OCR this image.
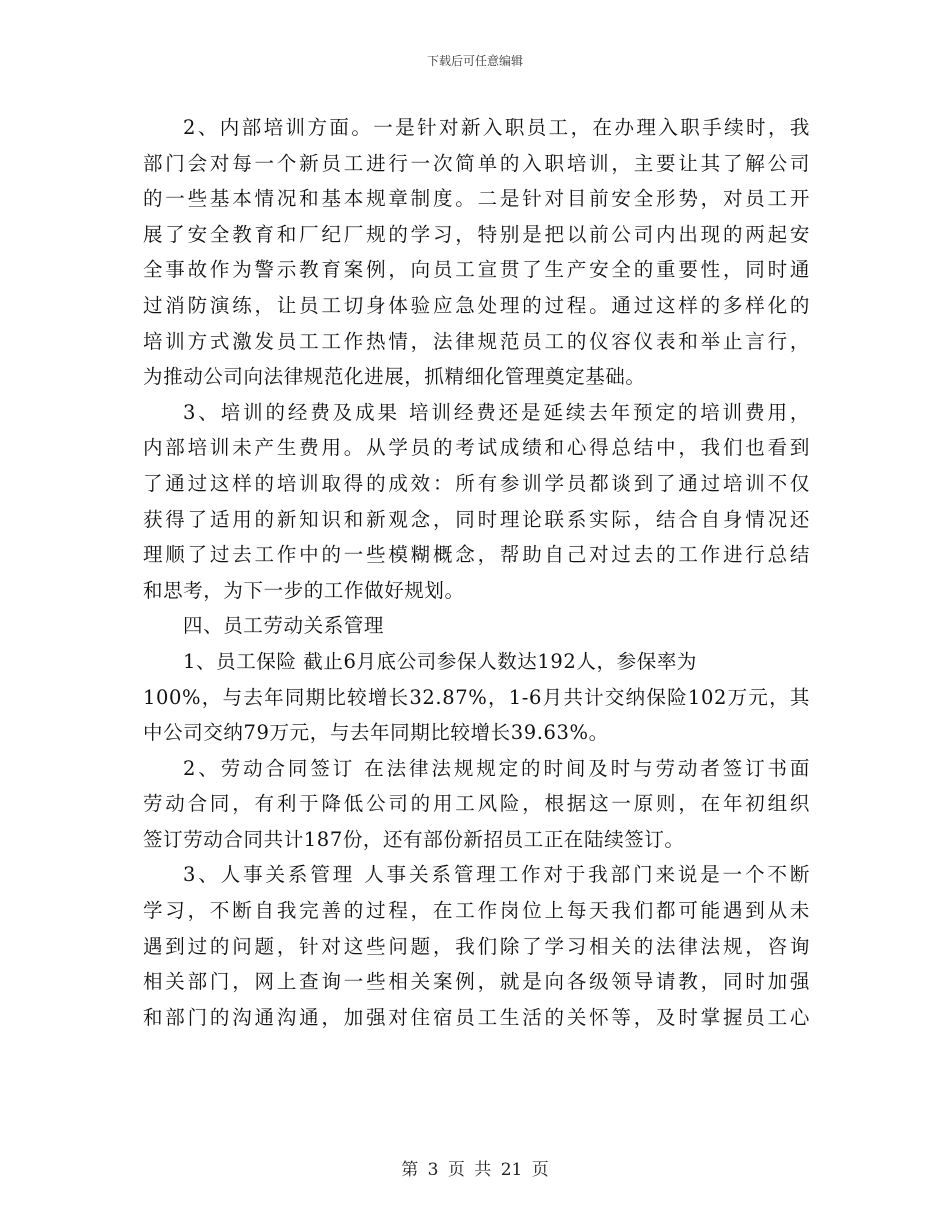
下载后可任意编辑
2、内部培训方面。一是针对新入职员工，在办理入职手续时，我
部门会对每一个新员工进行一次简单的入职培训，主要让其了解公司
的一些基本情况和基本规章制度。二是针对目前安全形势，对员工开
展了安全教育和厂纪厂规的学习，特别是把以前公司内出现的两起安
全事故作为警示教育案例，向员工宣贯了生产安全的重要性，同时通
过消防演练，让员工切身体验应急处理的过程。通过这样的多样化的
培训方式激发员工工作热情，法律规范员工的仪容仪表和举止言行，
为推动公司向法律规范化进展，抓精细化管理奠定基础。
3、培训的经费及成果 培训经费还是延续去年预定的培训费用，
内部培训未产生费用。从学员的考试成绩和心得总结中，我们也看到
了通过这样的培训取得的成效：所有参训学员都谈到了通过培训不仅
获得了适用的新知识和新观念，同时理论联系实际，结合自身情况还
理顺了过去工作中的一些模糊概念，帮助自己对过去的工作进行总结
和思考，为下一步的工作做好规划。
四、员工劳动关系管理
1、员工保险 截止6月底公司参保人数达192人，参保率为
100%，与去年同期比较增长32.87%，1-6月共计交纳保险102万元，其
中公司交纳79万元，与去年同期比较增长39.63%。
2、劳动合同签订 在法律法规规定的时间及时与劳动者签订书面
劳动合同，有利于降低公司的用工风险，根据这一原则，在年初组织
签订劳动合同共计187份，还有部份新招员工正在陆续签订。
3、人事关系管理 人事关系管理工作对于我部门来说是一个不断
学习，不断自我完善的过程，在工作岗位上每天我们都可能遇到从未
遇到过的问题，针对这些问题，我们除了学习相关的法律法规，咨询
相关部门，网上查询一些相关案例，就是向各级领导请教，同时加强
和部门的沟通沟通，加强对住宿员工生活的关怀等，及时掌握员工心
第 3 页 共 21 页
